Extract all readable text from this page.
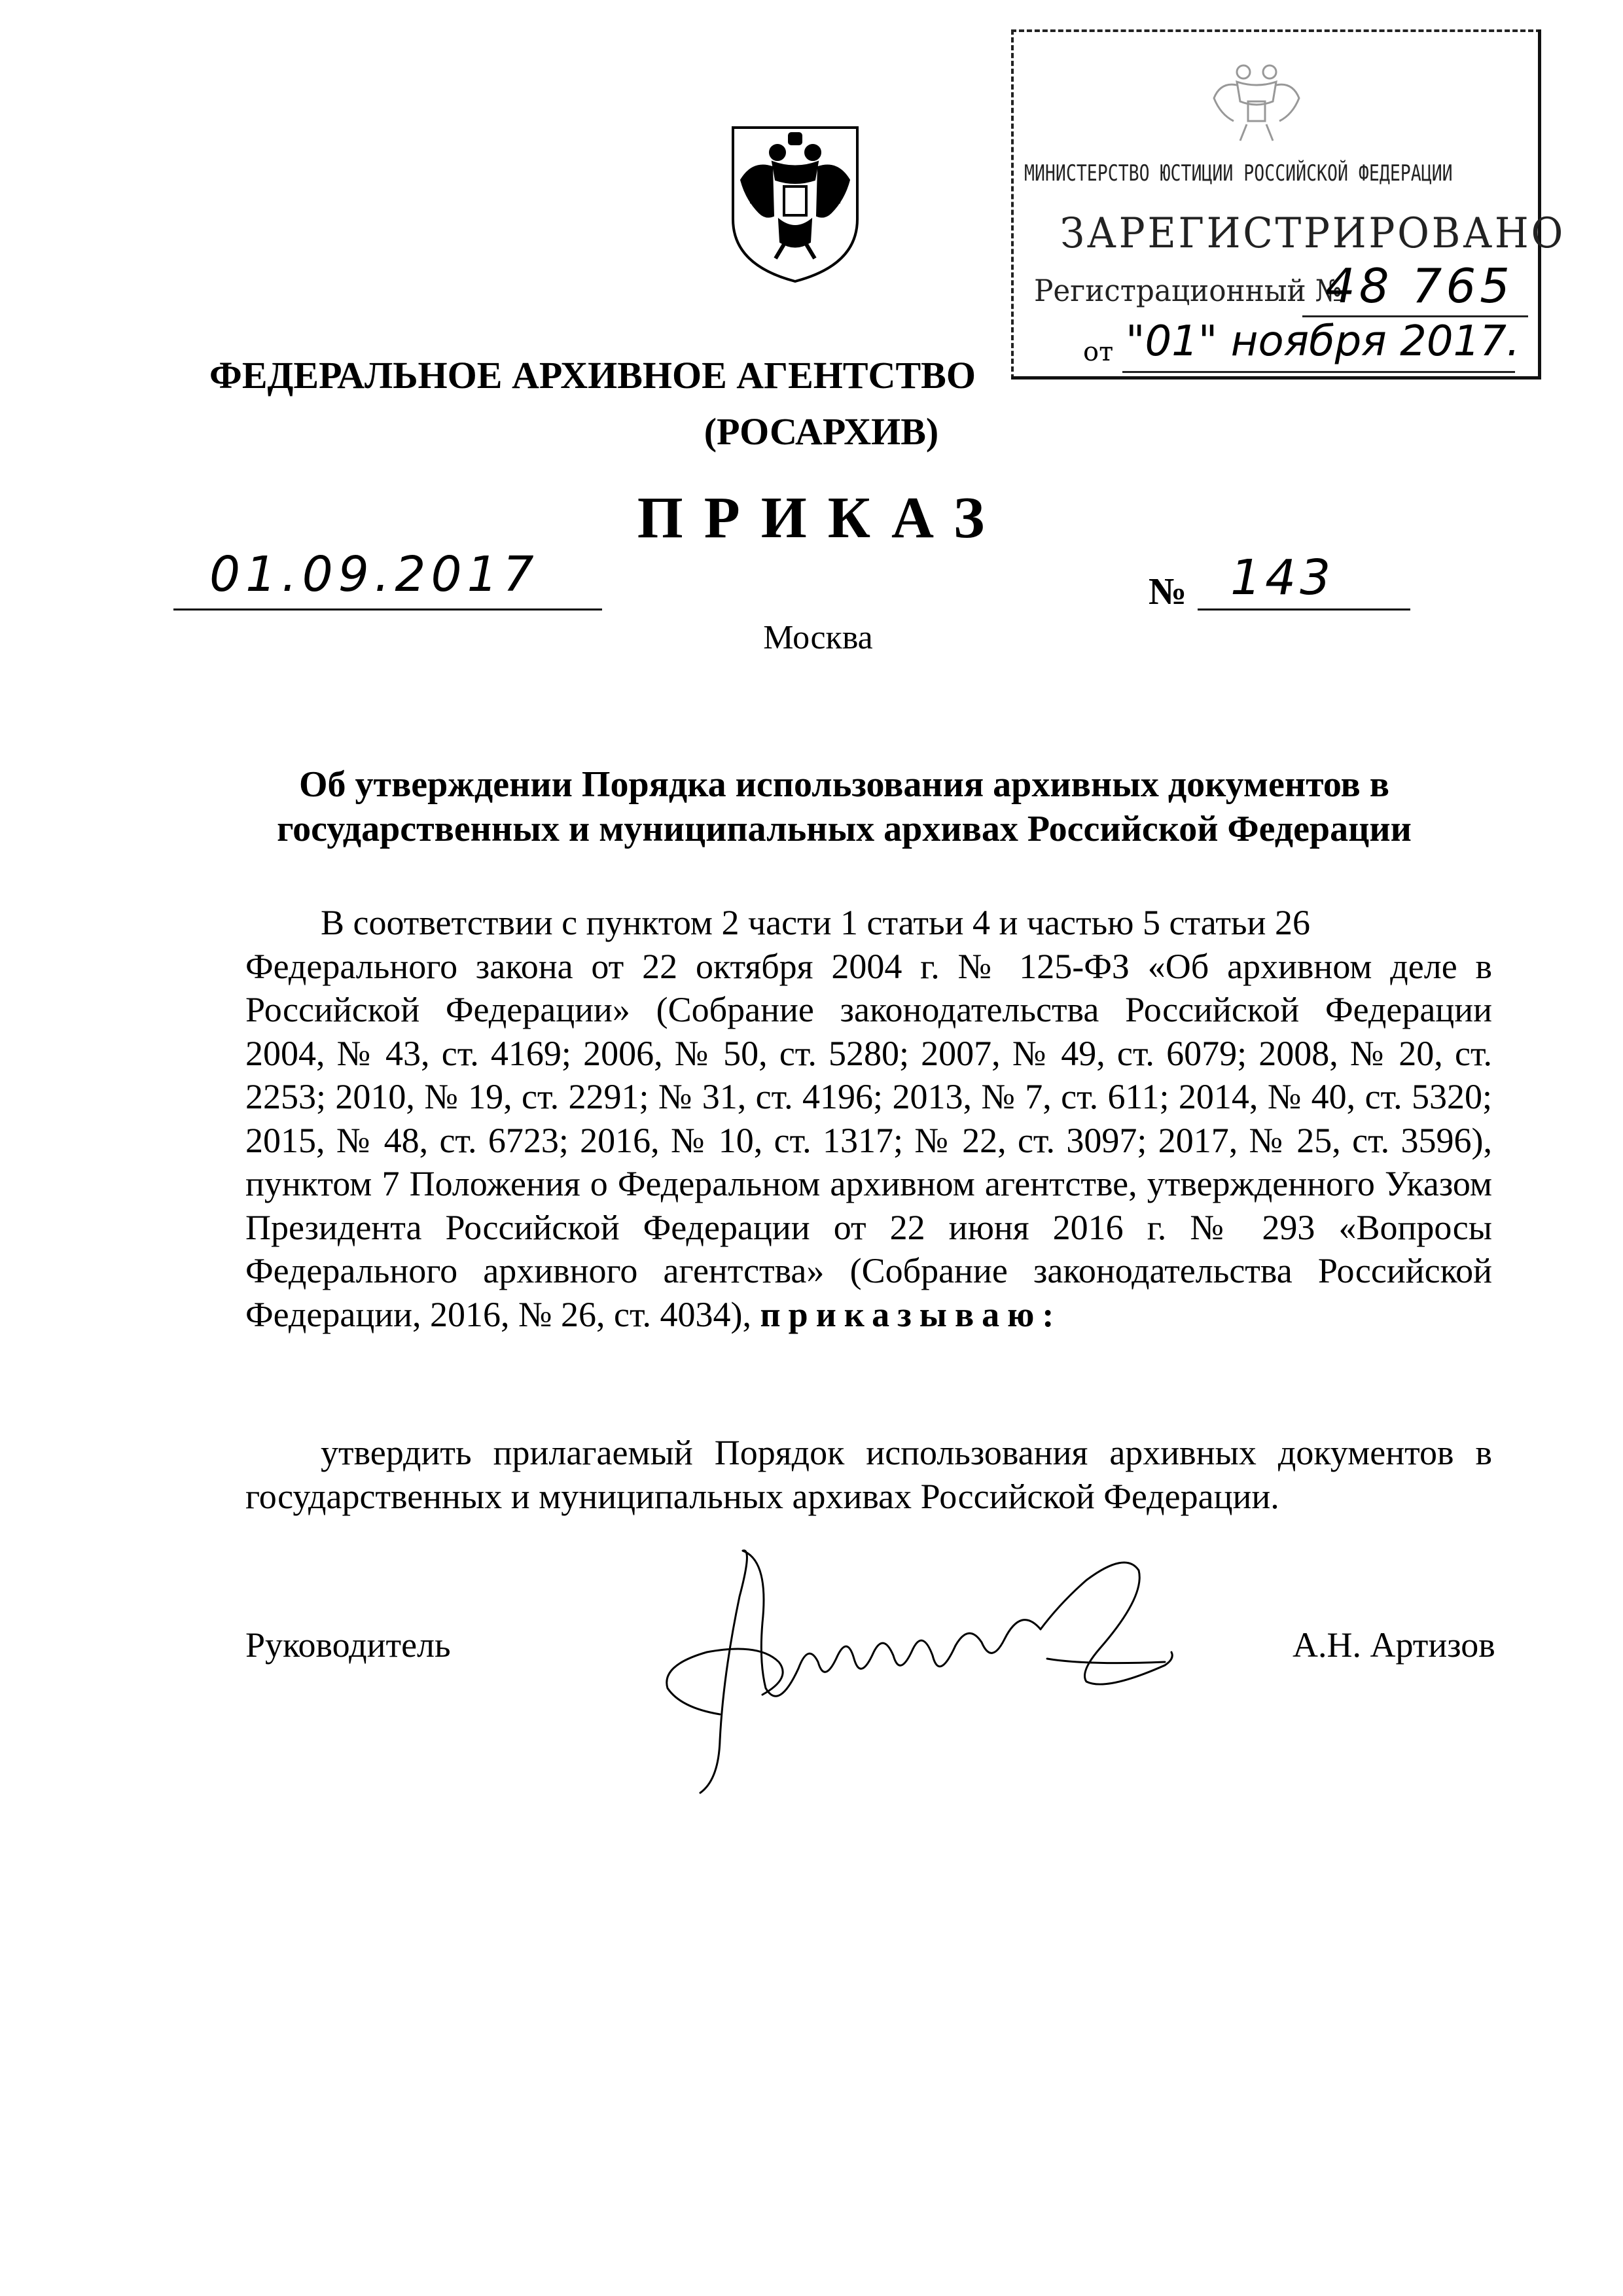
МИНИСТЕРСТВО ЮСТИЦИИ РОССИЙСКОЙ ФЕДЕРАЦИИ
ЗАРЕГИСТРИРОВАНО
Регистрационный №
48 765
от "01" ноября 2017.
ФЕДЕРАЛЬНОЕ АРХИВНОЕ АГЕНТСТВО
(РОСАРХИВ)
ПРИКАЗ
01.09.2017	№ 143
Москва
Об утверждении Порядка использования архивных документов в
государственных и муниципальных архивах Российской Федерации
В соответствии с пунктом 2 части 1 статьи 4 и частью 5 статьи 26
Федерального закона от 22 октября 2004 г. № 125-ФЗ «Об архивном деле в Российской Федерации» (Собрание законодательства Российской Федерации 2004, № 43, ст. 4169; 2006, № 50, ст. 5280; 2007, № 49, ст. 6079; 2008, № 20, ст. 2253; 2010, № 19, ст. 2291; № 31, ст. 4196; 2013, № 7, ст. 611; 2014, № 40, ст. 5320; 2015, № 48, ст. 6723; 2016, № 10, ст. 1317; № 22, ст. 3097; 2017, № 25, ст. 3596), пунктом 7 Положения о Федеральном архивном агентстве, утвержденного Указом Президента Российской Федерации от 22 июня 2016 г. № 293 «Вопросы Федерального архивного агентства» (Собрание законодательства Российской Федерации, 2016, № 26, ст. 4034), приказываю:
утвердить прилагаемый Порядок использования архивных документов в государственных и муниципальных архивах Российской Федерации.
Руководитель	А.Н. Артизов
